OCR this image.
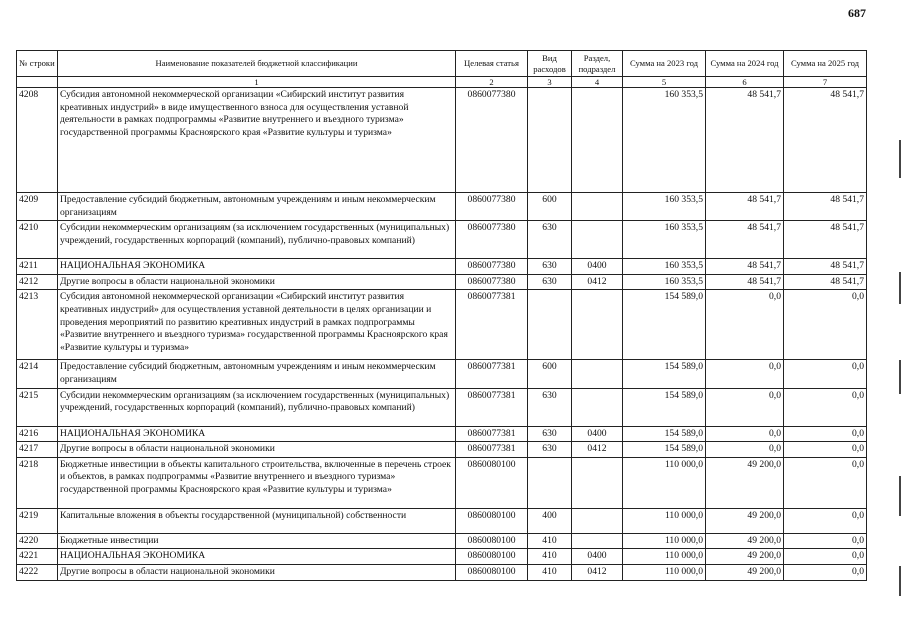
687
№ строки	Наименование показателей бюджетной классификации	Целевая статья	Вид расходов	Раздел, подраздел	Сумма на 2023 год	Сумма на 2024 год	Сумма на 2025 год
	1	2	3	4	5	6	7
4208	Субсидия автономной некоммерческой организации «Сибирский институт развития креативных индустрий» в виде имущественного взноса для осуществления уставной деятельности в рамках подпрограммы «Развитие внутреннего и въездного туризма» государственной программы Красноярского края «Развитие культуры и туризма»	0860077380			160 353,5	48 541,7	48 541,7
4209	Предоставление субсидий бюджетным, автономным учреждениям и иным некоммерческим организациям	0860077380	600		160 353,5	48 541,7	48 541,7
4210	Субсидии некоммерческим организациям (за исключением государственных (муниципальных) учреждений, государственных корпораций (компаний), публично-правовых компаний)	0860077380	630		160 353,5	48 541,7	48 541,7
4211	НАЦИОНАЛЬНАЯ ЭКОНОМИКА	0860077380	630	0400	160 353,5	48 541,7	48 541,7
4212	Другие вопросы в области национальной экономики	0860077380	630	0412	160 353,5	48 541,7	48 541,7
4213	Субсидия автономной некоммерческой организации «Сибирский институт развития креативных индустрий» для осуществления уставной деятельности в целях организации и проведения мероприятий по развитию креативных индустрий в рамках подпрограммы «Развитие внутреннего и въездного туризма» государственной программы Красноярского края «Развитие культуры и туризма»	0860077381			154 589,0	0,0	0,0
4214	Предоставление субсидий бюджетным, автономным учреждениям и иным некоммерческим организациям	0860077381	600		154 589,0	0,0	0,0
4215	Субсидии некоммерческим организациям (за исключением государственных (муниципальных) учреждений, государственных корпораций (компаний), публично-правовых компаний)	0860077381	630		154 589,0	0,0	0,0
4216	НАЦИОНАЛЬНАЯ ЭКОНОМИКА	0860077381	630	0400	154 589,0	0,0	0,0
4217	Другие вопросы в области национальной экономики	0860077381	630	0412	154 589,0	0,0	0,0
4218	Бюджетные инвестиции в объекты капитального строительства, включенные в перечень строек и объектов, в рамках подпрограммы «Развитие внутреннего и въездного туризма» государственной программы Красноярского края «Развитие культуры и туризма»	0860080100			110 000,0	49 200,0	0,0
4219	Капитальные вложения в объекты государственной (муниципальной) собственности	0860080100	400		110 000,0	49 200,0	0,0
4220	Бюджетные инвестиции	0860080100	410		110 000,0	49 200,0	0,0
4221	НАЦИОНАЛЬНАЯ ЭКОНОМИКА	0860080100	410	0400	110 000,0	49 200,0	0,0
4222	Другие вопросы в области национальной экономики	0860080100	410	0412	110 000,0	49 200,0	0,0
